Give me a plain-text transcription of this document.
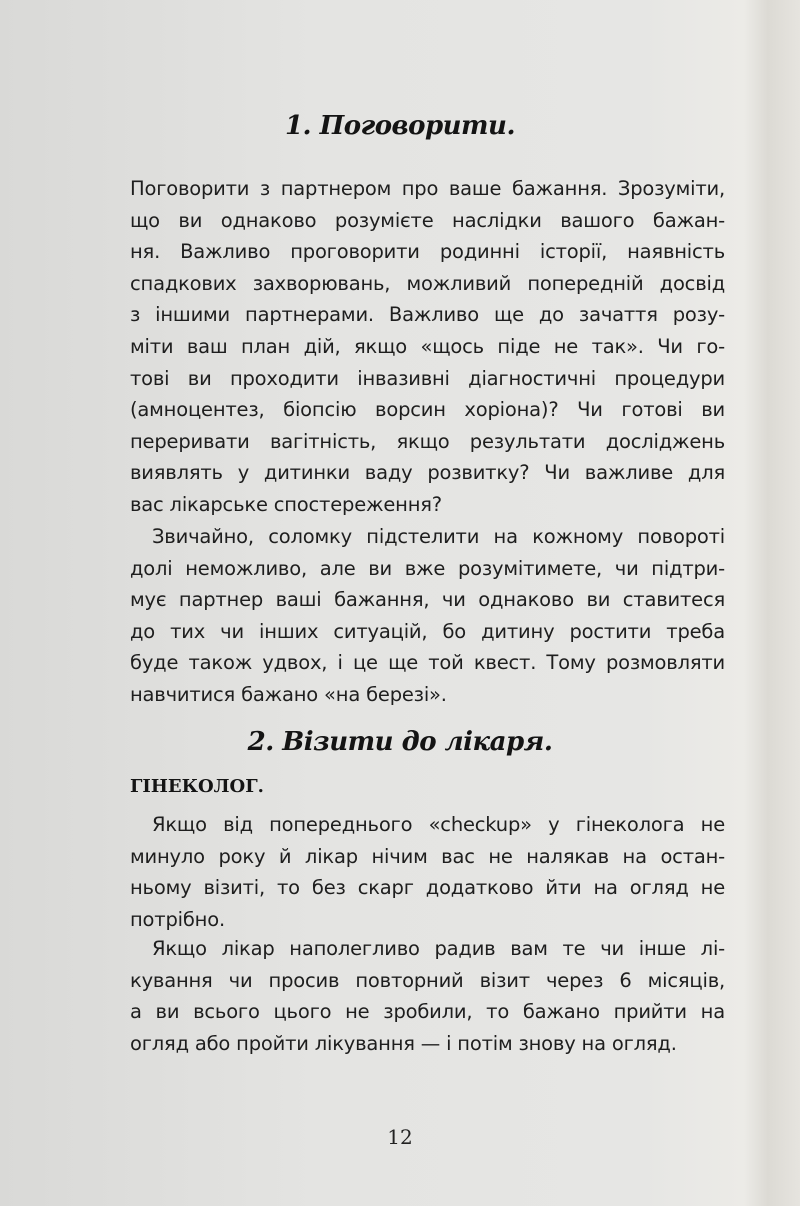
1. Поговорити.
Поговорити з партнером про ваше бажання. Зрозуміти,
що ви однаково розумієте наслідки вашого бажан-
ня. Важливо проговорити родинні історії, наявність
спадкових захворювань, можливий попередній досвід
з іншими партнерами. Важливо ще до зачаття розу-
міти ваш план дій, якщо «щось піде не так». Чи го-
тові ви проходити інвазивні діагностичні процедури
(амноцентез, біопсію ворсин хоріона)? Чи готові ви
переривати вагітність, якщо результати досліджень
виявлять у дитинки ваду розвитку? Чи важливе для
вас лікарське спостереження?
Звичайно, соломку підстелити на кожному повороті
долі неможливо, але ви вже розумітимете, чи підтри-
мує партнер ваші бажання, чи однаково ви ставитеся
до тих чи інших ситуацій, бо дитину ростити треба
буде також удвох, і це ще той квест. Тому розмовляти
навчитися бажано «на березі».
2. Візити до лікаря.
ГІНЕКОЛОГ.
Якщо від попереднього «checkup» у гінеколога не
минуло року й лікар нічим вас не налякав на остан-
ньому візиті, то без скарг додатково йти на огляд не
потрібно.
Якщо лікар наполегливо радив вам те чи інше лі-
кування чи просив повторний візит через 6 місяців,
а ви всього цього не зробили, то бажано прийти на
огляд або пройти лікування — і потім знову на огляд.
12
